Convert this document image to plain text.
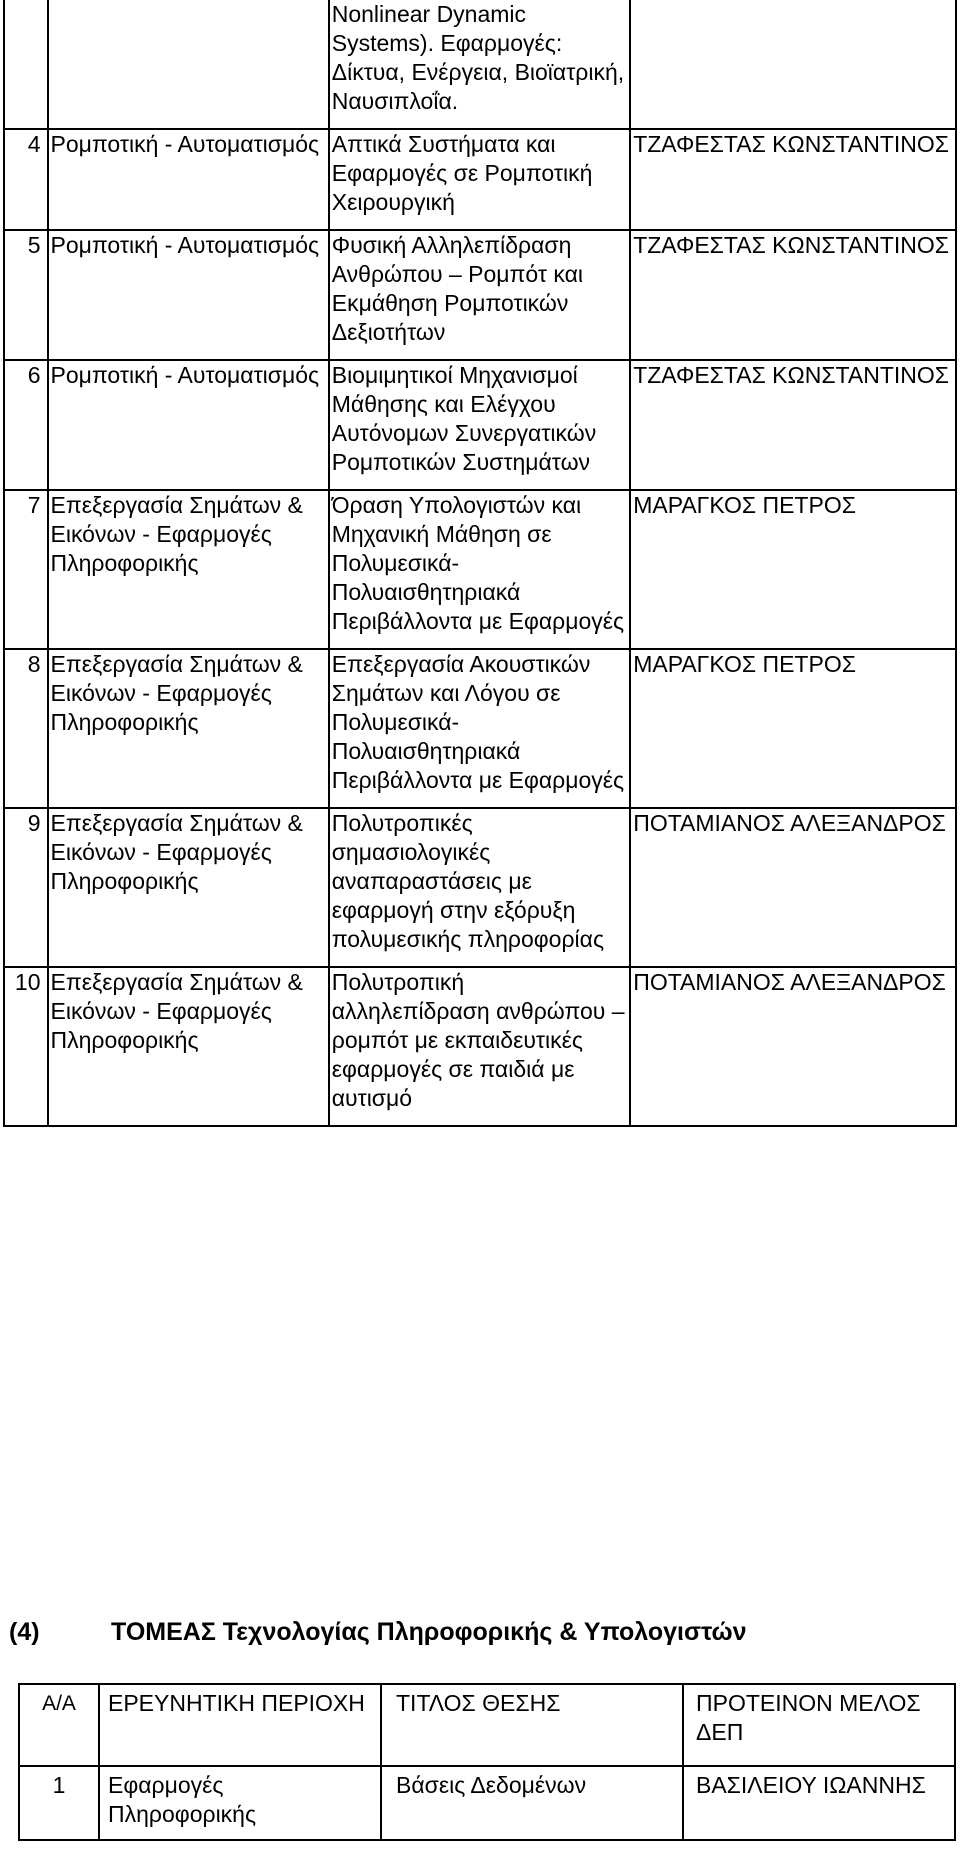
		Nonlinear Dynamic Systems). Εφαρμογές: Δίκτυα, Ενέργεια, Βιοϊατρική, Ναυσιπλοΐα.	
4	Ρομποτική - Αυτοματισμός	Απτικά Συστήματα και Εφαρμογές σε Ρομποτική Χειρουργική	ΤΖΑΦΕΣΤΑΣ ΚΩΝΣΤΑΝΤΙΝΟΣ
5	Ρομποτική - Αυτοματισμός	Φυσική Αλληλεπίδραση Ανθρώπου – Ρομπότ και Εκμάθηση Ρομποτικών Δεξιοτήτων	ΤΖΑΦΕΣΤΑΣ ΚΩΝΣΤΑΝΤΙΝΟΣ
6	Ρομποτική - Αυτοματισμός	Βιομιμητικοί Μηχανισμοί Μάθησης και Ελέγχου Αυτόνομων Συνεργατικών Ρομποτικών Συστημάτων	ΤΖΑΦΕΣΤΑΣ ΚΩΝΣΤΑΝΤΙΝΟΣ
7	Επεξεργασία Σημάτων & Εικόνων - Εφαρμογές Πληροφορικής	Όραση Υπολογιστών και Μηχανική Μάθηση σε Πολυμεσικά-Πολυαισθητηριακά Περιβάλλοντα με Εφαρμογές	ΜΑΡΑΓΚΟΣ ΠΕΤΡΟΣ
8	Επεξεργασία Σημάτων & Εικόνων - Εφαρμογές Πληροφορικής	Επεξεργασία Ακουστικών Σημάτων και Λόγου σε Πολυμεσικά-Πολυαισθητηριακά Περιβάλλοντα με Εφαρμογές	ΜΑΡΑΓΚΟΣ ΠΕΤΡΟΣ
9	Επεξεργασία Σημάτων & Εικόνων - Εφαρμογές Πληροφορικής	Πολυτροπικές σημασιολογικές αναπαραστάσεις με εφαρμογή στην εξόρυξη πολυμεσικής πληροφορίας	ΠΟΤΑΜΙΑΝΟΣ ΑΛΕΞΑΝΔΡΟΣ
10	Επεξεργασία Σημάτων & Εικόνων - Εφαρμογές Πληροφορικής	Πολυτροπική αλληλεπίδραση ανθρώπου –ρομπότ με εκπαιδευτικές εφαρμογές σε παιδιά με αυτισμό	ΠΟΤΑΜΙΑΝΟΣ ΑΛΕΞΑΝΔΡΟΣ
(4)	ΤΟΜΕΑΣ Τεχνολογίας Πληροφορικής & Υπολογιστών
Α/Α	ΕΡΕΥΝΗΤΙΚΗ ΠΕΡΙΟΧΗ	ΤΙΤΛΟΣ ΘΕΣΗΣ	ΠΡΟΤΕΙΝΟΝ ΜΕΛΟΣ ΔΕΠ
1	Εφαρμογές Πληροφορικής	Βάσεις Δεδομένων	ΒΑΣΙΛΕΙΟΥ ΙΩΑΝΝΗΣ
